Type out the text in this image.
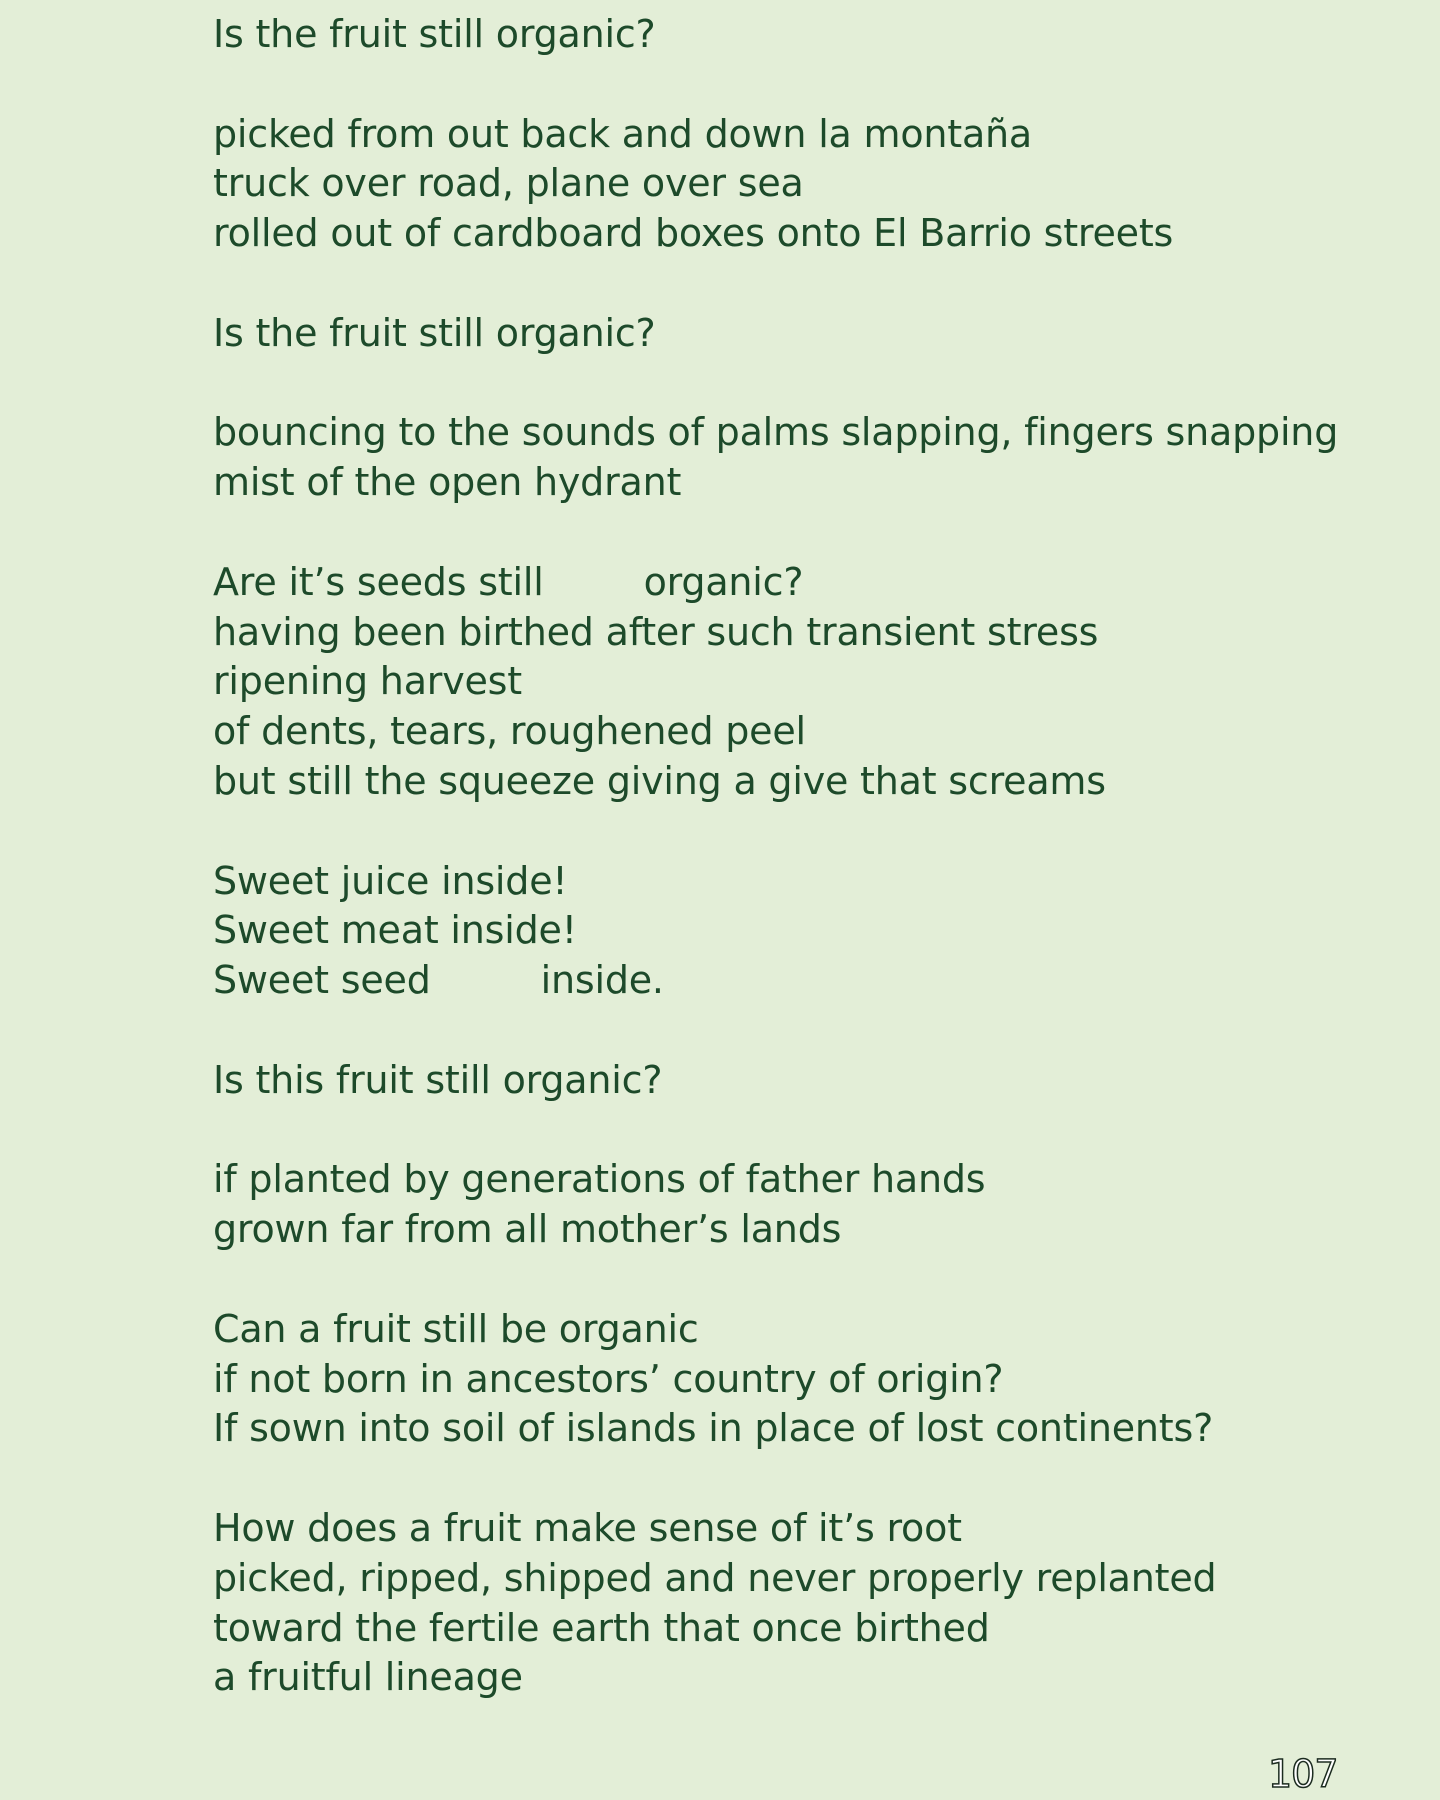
Is the fruit still organic?
picked from out back and down la montaña
truck over road, plane over sea
rolled out of cardboard boxes onto El Barrio streets
Is the fruit still organic?
bouncing to the sounds of palms slapping, fingers snapping
mist of the open hydrant
Are it’s seeds still	organic?
having been birthed after such transient stress
ripening harvest
of dents, tears, roughened peel
but still the squeeze giving a give that screams
Sweet juice inside!
Sweet meat inside!
Sweet seed	inside.
Is this fruit still organic?
if planted by generations of father hands
grown far from all mother’s lands
Can a fruit still be organic
if not born in ancestors’ country of origin?
If sown into soil of islands in place of lost continents?
How does a fruit make sense of it’s root
picked, ripped, shipped and never properly replanted
toward the fertile earth that once birthed
a fruitful lineage
107
